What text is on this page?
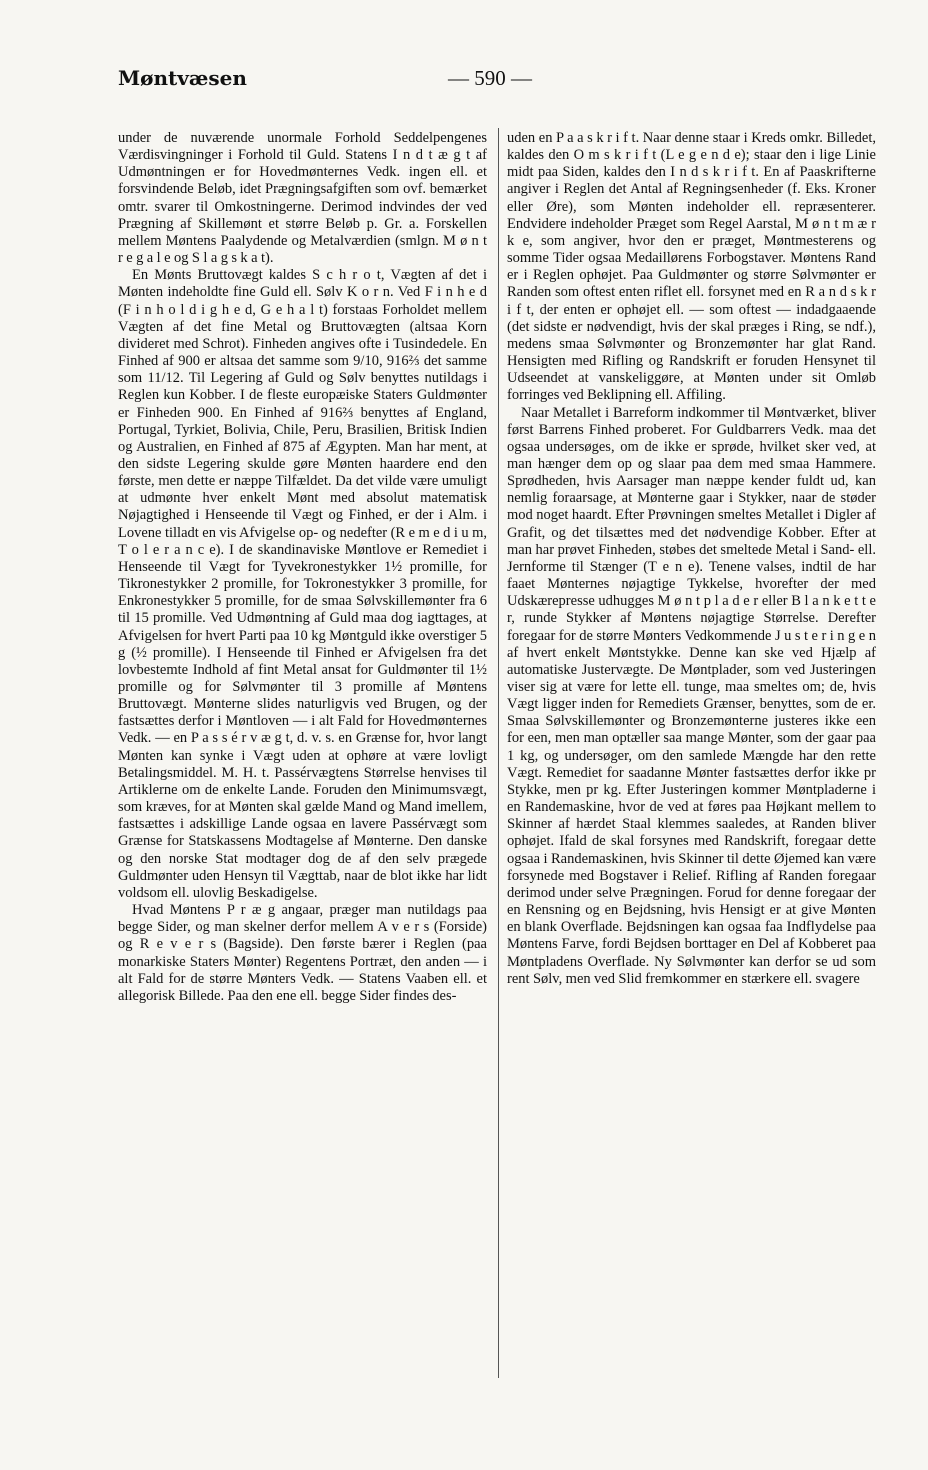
Møntvæsen	— 590 —

under de nuværende unormale Forhold Seddelpengenes Værdisvingninger i Forhold til Guld. Statens I n d t æ g t af Udmøntningen er for Hovedmønternes Vedk. ingen ell. et forsvindende Beløb, idet Prægningsafgiften som ovf. bemærket omtr. svarer til Omkostningerne. Derimod indvindes der ved Prægning af Skillemønt et større Beløb p. Gr. a. Forskellen mellem Møntens Paalydende og Metalværdien (smlgn. M ø n t r e g a l e og S l a g s k a t).

En Mønts Bruttovægt kaldes S c h r o t, Vægten af det i Mønten indeholdte fine Guld ell. Sølv K o r n. Ved F i n h e d (F i n h o l d i g h e d, G e h a l t) forstaas Forholdet mellem Vægten af det fine Metal og Bruttovægten (altsaa Korn divideret med Schrot). Finheden angives ofte i Tusindedele. En Finhed af 900 er altsaa det samme som 9/10, 916⅔ det samme som 11/12. Til Legering af Guld og Sølv benyttes nutildags i Reglen kun Kobber. I de fleste europæiske Staters Guldmønter er Finheden 900. En Finhed af 916⅔ benyttes af England, Portugal, Tyrkiet, Bolivia, Chile, Peru, Brasilien, Britisk Indien og Australien, en Finhed af 875 af Ægypten. Man har ment, at den sidste Legering skulde gøre Mønten haardere end den første, men dette er næppe Tilfældet. Da det vilde være umuligt at udmønte hver enkelt Mønt med absolut matematisk Nøjagtighed i Henseende til Vægt og Finhed, er der i Alm. i Lovene tilladt en vis Afvigelse op- og nedefter (R e m e d i u m, T o l e r a n c e). I de skandinaviske Møntlove er Remediet i Henseende til Vægt for Tyvekronestykker 1½ promille, for Tikronestykker 2 promille, for Tokronestykker 3 promille, for Enkronestykker 5 promille, for de smaa Sølvskillemønter fra 6 til 15 promille. Ved Udmøntning af Guld maa dog iagttages, at Afvigelsen for hvert Parti paa 10 kg Møntguld ikke overstiger 5 g (½ promille). I Henseende til Finhed er Afvigelsen fra det lovbestemte Indhold af fint Metal ansat for Guldmønter til 1½ promille og for Sølvmønter til 3 promille af Møntens Bruttovægt. Mønterne slides naturligvis ved Brugen, og der fastsættes derfor i Møntloven — i alt Fald for Hovedmønternes Vedk. — en P a s s é r v æ g t, d. v. s. en Grænse for, hvor langt Mønten kan synke i Vægt uden at ophøre at være lovligt Betalingsmiddel. M. H. t. Passérvægtens Størrelse henvises til Artiklerne om de enkelte Lande. Foruden den Minimumsvægt, som kræves, for at Mønten skal gælde Mand og Mand imellem, fastsættes i adskillige Lande ogsaa en lavere Passérvægt som Grænse for Statskassens Modtagelse af Mønterne. Den danske og den norske Stat modtager dog de af den selv prægede Guldmønter uden Hensyn til Vægttab, naar de blot ikke har lidt voldsom ell. ulovlig Beskadigelse.

Hvad Møntens P r æ g angaar, præger man nutildags paa begge Sider, og man skelner derfor mellem A v e r s (Forside) og R e v e r s (Bagside). Den første bærer i Reglen (paa monarkiske Staters Mønter) Regentens Portræt, den anden — i alt Fald for de større Mønters Vedk. — Statens Vaaben ell. et allegorisk Billede. Paa den ene ell. begge Sider findes des-

uden en P a a s k r i f t. Naar denne staar i Kreds omkr. Billedet, kaldes den O m s k r i f t (L e g e n d e); staar den i lige Linie midt paa Siden, kaldes den I n d s k r i f t. En af Paaskrifterne angiver i Reglen det Antal af Regningsenheder (f. Eks. Kroner eller Øre), som Mønten indeholder ell. repræsenterer. Endvidere indeholder Præget som Regel Aarstal, M ø n t m æ r k e, som angiver, hvor den er præget, Møntmesterens og somme Tider ogsaa Medaillørens Forbogstaver. Møntens Rand er i Reglen ophøjet. Paa Guldmønter og større Sølvmønter er Randen som oftest enten riflet ell. forsynet med en R a n d s k r i f t, der enten er ophøjet ell. — som oftest — indadgaaende (det sidste er nødvendigt, hvis der skal præges i Ring, se ndf.), medens smaa Sølvmønter og Bronzemønter har glat Rand. Hensigten med Rifling og Randskrift er foruden Hensynet til Udseendet at vanskeliggøre, at Mønten under sit Omløb forringes ved Beklipning ell. Affiling.

Naar Metallet i Barreform indkommer til Møntværket, bliver først Barrens Finhed proberet. For Guldbarrers Vedk. maa det ogsaa undersøges, om de ikke er sprøde, hvilket sker ved, at man hænger dem op og slaar paa dem med smaa Hammere. Sprødheden, hvis Aarsager man næppe kender fuldt ud, kan nemlig foraarsage, at Mønterne gaar i Stykker, naar de støder mod noget haardt. Efter Prøvningen smeltes Metallet i Digler af Grafit, og det tilsættes med det nødvendige Kobber. Efter at man har prøvet Finheden, støbes det smeltede Metal i Sand- ell. Jernforme til Stænger (T e n e). Tenene valses, indtil de har faaet Mønternes nøjagtige Tykkelse, hvorefter der med Udskærepresse udhugges M ø n t p l a d e r eller B l a n k e t t e r, runde Stykker af Møntens nøjagtige Størrelse. Derefter foregaar for de større Mønters Vedkommende J u s t e r i n g e n af hvert enkelt Møntstykke. Denne kan ske ved Hjælp af automatiske Justervægte. De Møntplader, som ved Justeringen viser sig at være for lette ell. tunge, maa smeltes om; de, hvis Vægt ligger inden for Remediets Grænser, benyttes, som de er. Smaa Sølvskillemønter og Bronzemønterne justeres ikke een for een, men man optæller saa mange Mønter, som der gaar paa 1 kg, og undersøger, om den samlede Mængde har den rette Vægt. Remediet for saadanne Mønter fastsættes derfor ikke pr Stykke, men pr kg. Efter Justeringen kommer Møntpladerne i en Randemaskine, hvor de ved at føres paa Højkant mellem to Skinner af hærdet Staal klemmes saaledes, at Randen bliver ophøjet. Ifald de skal forsynes med Randskrift, foregaar dette ogsaa i Randemaskinen, hvis Skinner til dette Øjemed kan være forsynede med Bogstaver i Relief. Rifling af Randen foregaar derimod under selve Prægningen. Forud for denne foregaar der en Rensning og en Bejdsning, hvis Hensigt er at give Mønten en blank Overflade. Bejdsningen kan ogsaa faa Indflydelse paa Møntens Farve, fordi Bejdsen borttager en Del af Kobberet paa Møntpladens Overflade. Ny Sølvmønter kan derfor se ud som rent Sølv, men ved Slid fremkommer en stærkere ell. svagere
